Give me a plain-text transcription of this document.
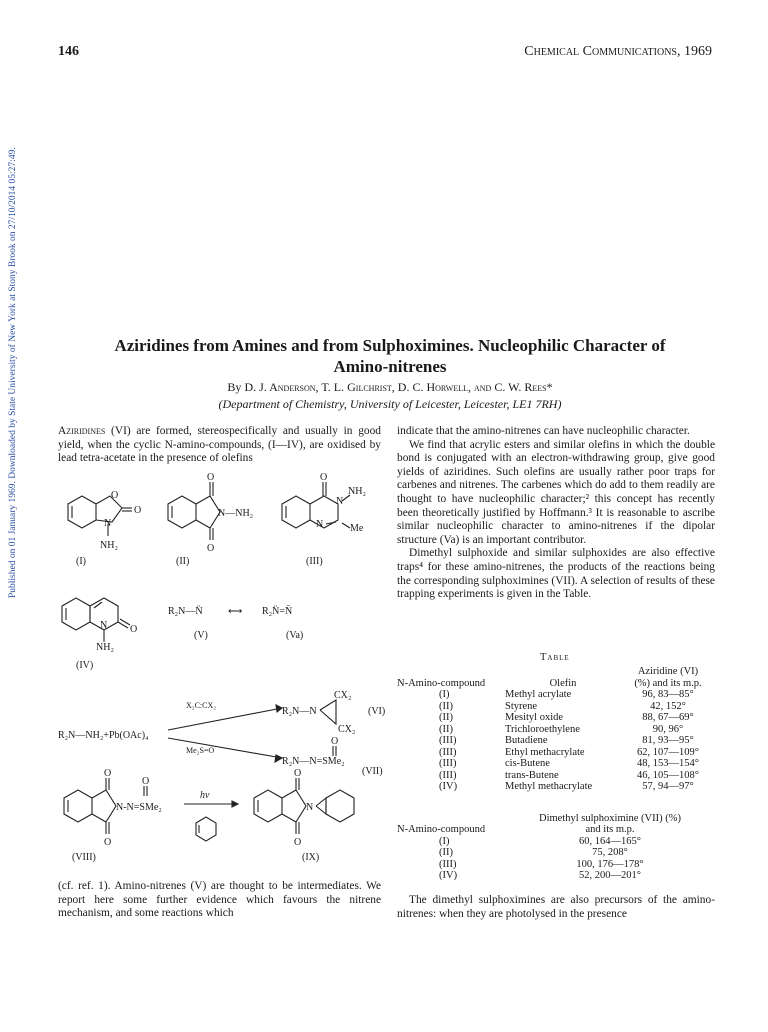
146	Chemical Communications, 1969
Published on 01 January 1969. Downloaded by State University of New York at Stony Brook on 27/10/2014 05:27:49.	Aziridines from Amines and from Sulphoximines. Nucleophilic Character of
Amino-nitrenes
By D. J. Anderson, T. L. Gilchrist, D. C. Horwell, and C. W. Rees*
(Department of Chemistry, University of Leicester, Leicester, LE1 7RH)
Aziridines (VI) are formed, stereospecifically and usually in good yield, when the cyclic N-amino-compounds, (I—IV), are oxidised by lead tetra-acetate in the presence of olefins
O
O
N
NH₂
(I)
O
N—NH₂
O
(II)
O
N
NH₂
N	Me
(III)
O
N
NH₂
(IV)
R₂N—N̈	⟷ R₂N̈=N̄
(V)	(Va)
R₂N—NH₂+Pb(OAc)₄
X₂C:CX₂
Me₂S=O
R₂N—N
CX₂
CX₂
(VI)
O
R₂N—N=SMe₂
(VII)
O
O
N-N=SMe₂
O
(VIII)
hν
O
N
O
(IX)
(cf. ref. 1). Amino-nitrenes (V) are thought to be intermediates. We report here some further evidence which favours the nitrene mechanism, and some reactions which

indicate that the amino-nitrenes can have nucleophilic character.

We find that acrylic esters and similar olefins in which the double bond is conjugated with an electron-withdrawing group, give good yields of aziridines. Such olefins are usually rather poor traps for carbenes and nitrenes. The carbenes which do add to them readily are thought to have nucleophilic character;² this concept has recently been theoretically justified by Hoffmann.³ It is reasonable to ascribe similar nucleophilic character to amino-nitrenes if the dipolar structure (Va) is an important contributor.

Dimethyl sulphoxide and similar sulphoxides are also effective traps⁴ for these amino-nitrenes, the products of the reactions being the corresponding sulphoximines (VII). A selection of results of these trapping experiments is given in the Table.

Table
		Aziridine (VI)
N-Amino-compound	Olefin	(%) and its m.p.
(I)	Methyl acrylate	96, 83—85°
(II)	Styrene	42, 152°
(II)	Mesityl oxide	88, 67—69°
(II)	Trichloroethylene	90, 96°
(III)	Butadiene	81, 93—95°
(III)	Ethyl methacrylate	62, 107—109°
(III)	cis-Butene	48, 153—154°
(III)	trans-Butene	46, 105—108°
(IV)	Methyl methacrylate	57, 94—97°
	Dimethyl sulphoximine (VII) (%)
N-Amino-compound	and its m.p.
(I)	60, 164—165°
(II)	75, 208°
(III)	100, 176—178°
(IV)	52, 200—201°
The dimethyl sulphoximines are also precursors of the amino-nitrenes: when they are photolysed in the presence
